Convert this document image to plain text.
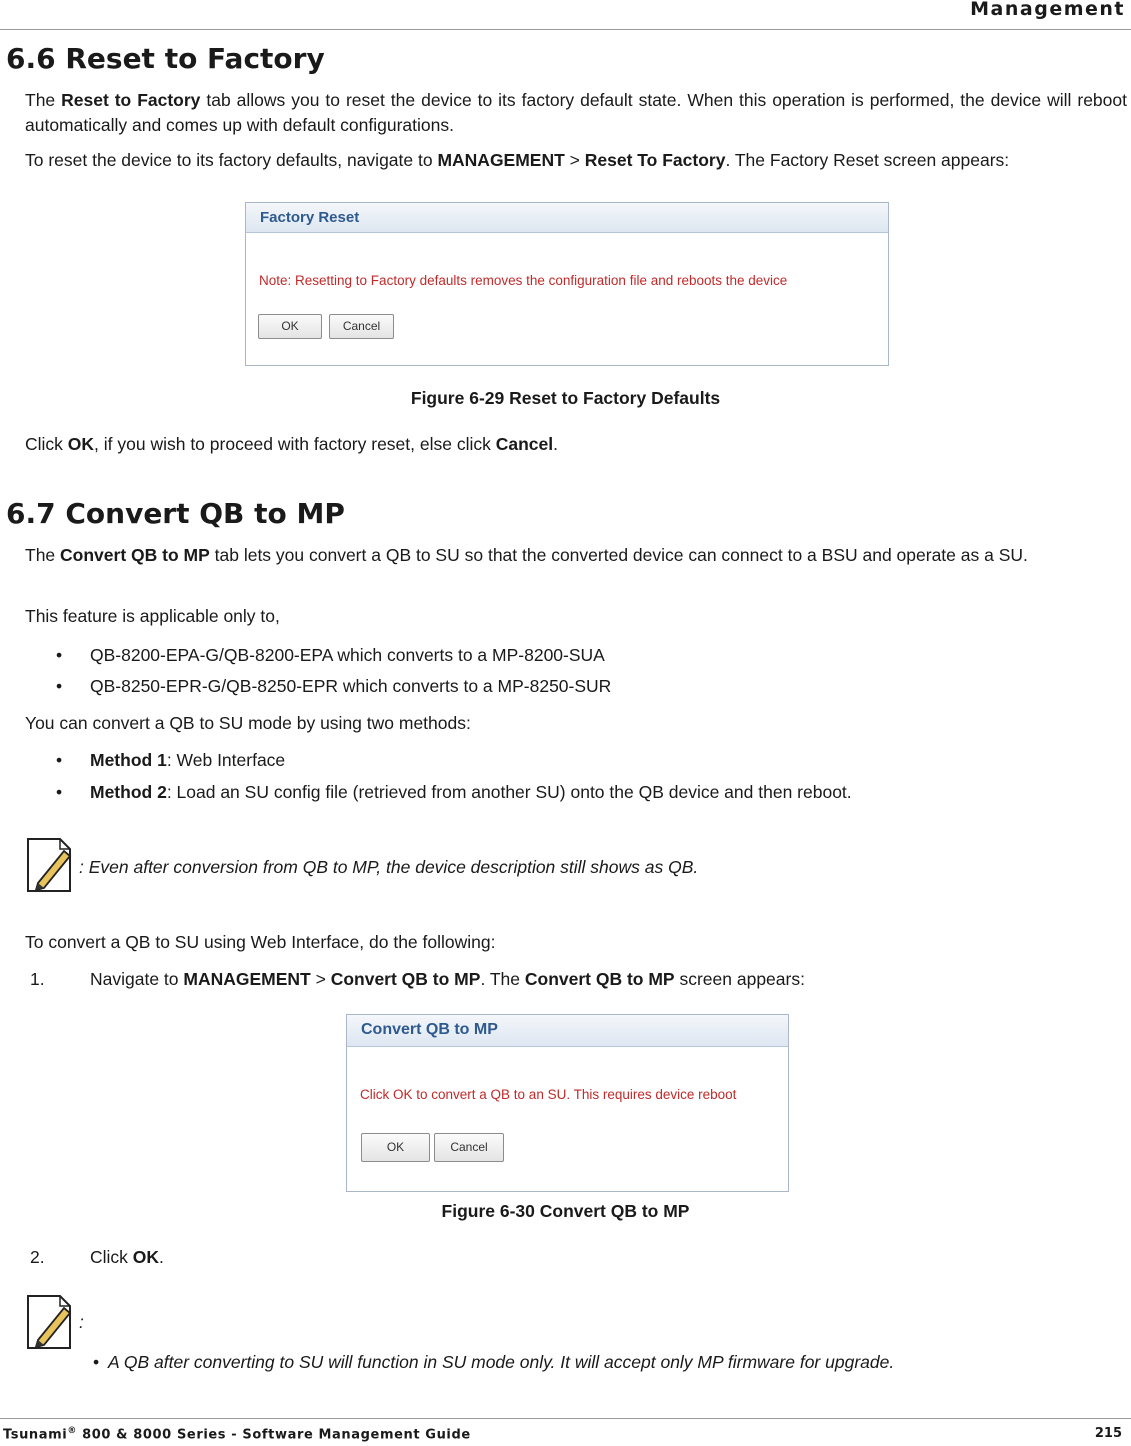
Management
6.6 Reset to Factory

The Reset to Factory tab allows you to reset the device to its factory default state. When this operation is performed, the device will reboot automatically and comes up with default configurations.

To reset the device to its factory defaults, navigate to MANAGEMENT > Reset To Factory. The Factory Reset screen appears:

Factory Reset
Note: Resetting to Factory defaults removes the configuration file and reboots the device
OK	Cancel
Figure 6-29 Reset to Factory Defaults

Click OK, if you wish to proceed with factory reset, else click Cancel.

6.7 Convert QB to MP

The Convert QB to MP tab lets you convert a QB to SU so that the converted device can connect to a BSU and operate as a SU.

This feature is applicable only to,

• QB-8200-EPA-G/QB-8200-EPA which converts to a MP-8200-SUA
• QB-8250-EPR-G/QB-8250-EPR which converts to a MP-8250-SUR

You can convert a QB to SU mode by using two methods:

• Method 1: Web Interface
• Method 2: Load an SU config file (retrieved from another SU) onto the QB device and then reboot.
: Even after conversion from QB to MP, the device description still shows as QB.

To convert a QB to SU using Web Interface, do the following:

1.	Navigate to MANAGEMENT > Convert QB to MP. The Convert QB to MP screen appears:
Convert QB to MP
Click OK to convert a QB to an SU. This requires device reboot
OK	Cancel
Figure 6-30 Convert QB to MP
2.	Click OK.
:
• A QB after converting to SU will function in SU mode only. It will accept only MP firmware for upgrade.
Tsunami® 800 & 8000 Series - Software Management Guide	215
